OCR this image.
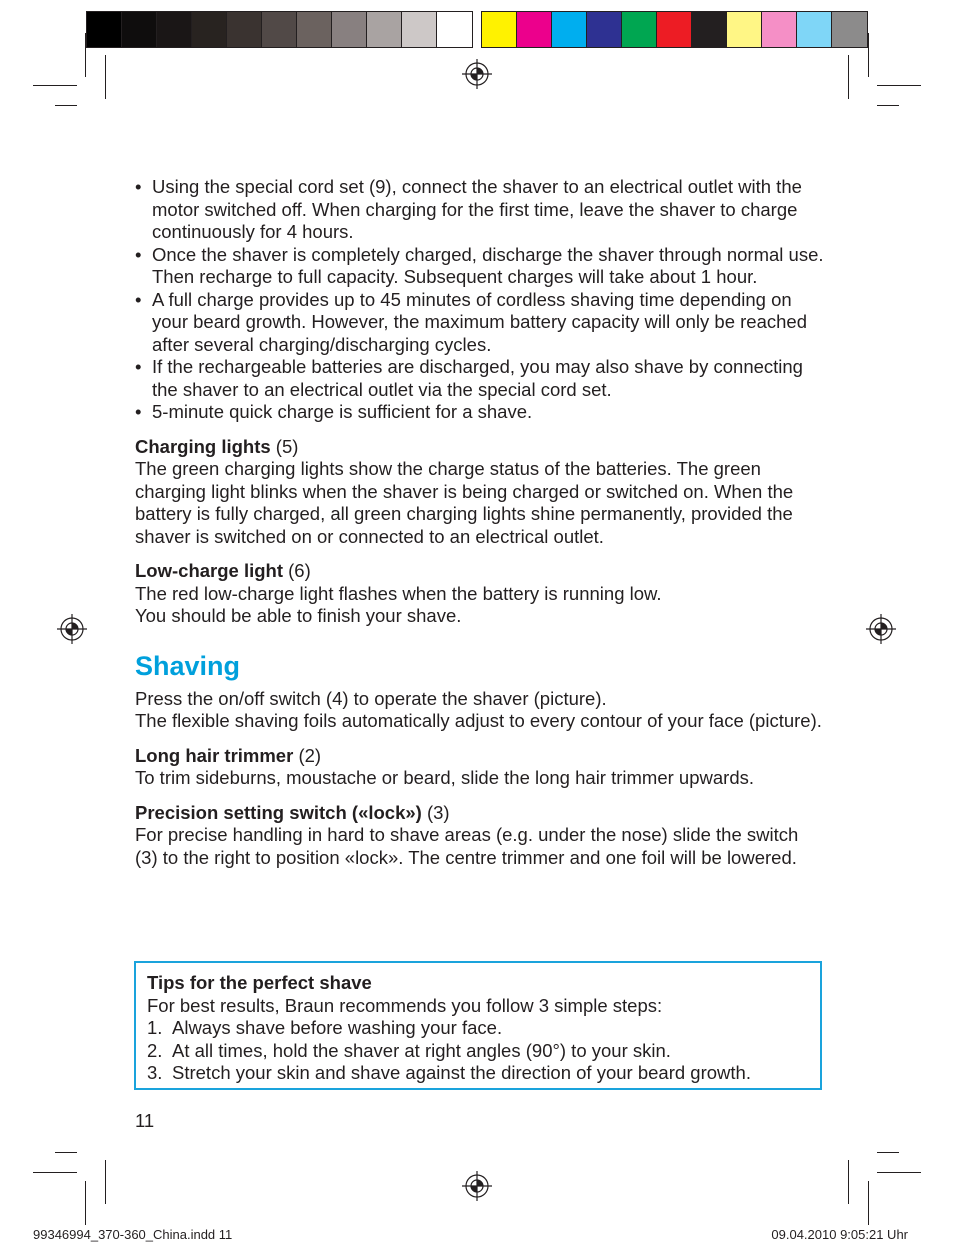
• Using the special cord set (9), connect the shaver to an electrical outlet with the motor switched off. When charging for the first time, leave the shaver to charge continuously for 4 hours.
• Once the shaver is completely charged, discharge the shaver through normal use. Then recharge to full capacity. Subsequent charges will take about 1 hour.
• A full charge provides up to 45 minutes of cordless shaving time depending on your beard growth. However, the maximum battery capacity will only be reached after several charging/discharging cycles.
• If the rechargeable batteries are discharged, you may also shave by connecting the shaver to an electrical outlet via the special cord set.
• 5-minute quick charge is sufficient for a shave.
Charging lights (5)

The green charging lights show the charge status of the batteries. The green charging light blinks when the shaver is being charged or switched on. When the battery is fully charged, all green charging lights shine permanently, provided the shaver is switched on or connected to an electrical outlet.

Low-charge light (6)

The red low-charge light flashes when the battery is running low.

You should be able to finish your shave.

Shaving

Press the on/off switch (4) to operate the shaver (picture).

The flexible shaving foils automatically adjust to every contour of your face (picture).

Long hair trimmer (2)

To trim sideburns, moustache or beard, slide the long hair trimmer upwards.

Precision setting switch («lock») (3)

For precise handling in hard to shave areas (e.g. under the nose) slide the switch (3) to the right to position «lock». The centre trimmer and one foil will be lowered.

Tips for the perfect shave
For best results, Braun recommends you follow 3 simple steps:
1. Always shave before washing your face.
2. At all times, hold the shaver at right angles (90°) to your skin.
3. Stretch your skin and shave against the direction of your beard growth.
11
99346994_370-360_China.indd 11	09.04.2010 9:05:21 Uhr
